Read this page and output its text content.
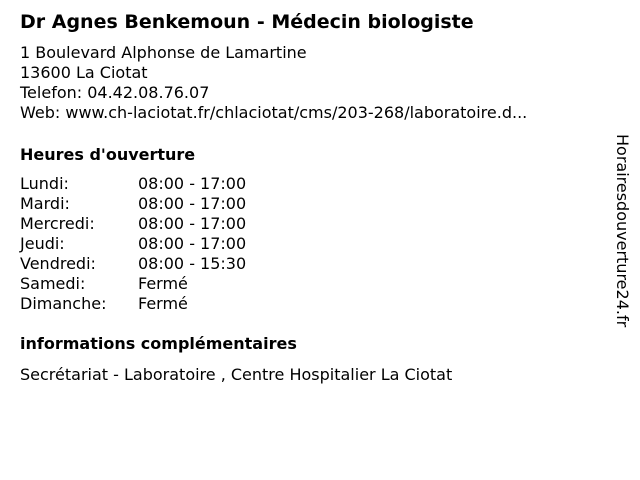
Dr Agnes Benkemoun - Médecin biologiste
1 Boulevard Alphonse de Lamartine
13600 La Ciotat
Telefon: 04.42.08.76.07
Web: www.ch-laciotat.fr/chlaciotat/cms/203-268/laboratoire.d...
Heures d'ouverture
Lundi:	08:00 - 17:00
Mardi:	08:00 - 17:00
Mercredi:	08:00 - 17:00
Jeudi:	08:00 - 17:00
Vendredi:	08:00 - 15:30
Samedi:	Fermé
Dimanche: Fermé
informations complémentaires
Secrétariat - Laboratoire , Centre Hospitalier La Ciotat
Horairesdouverture24.fr
